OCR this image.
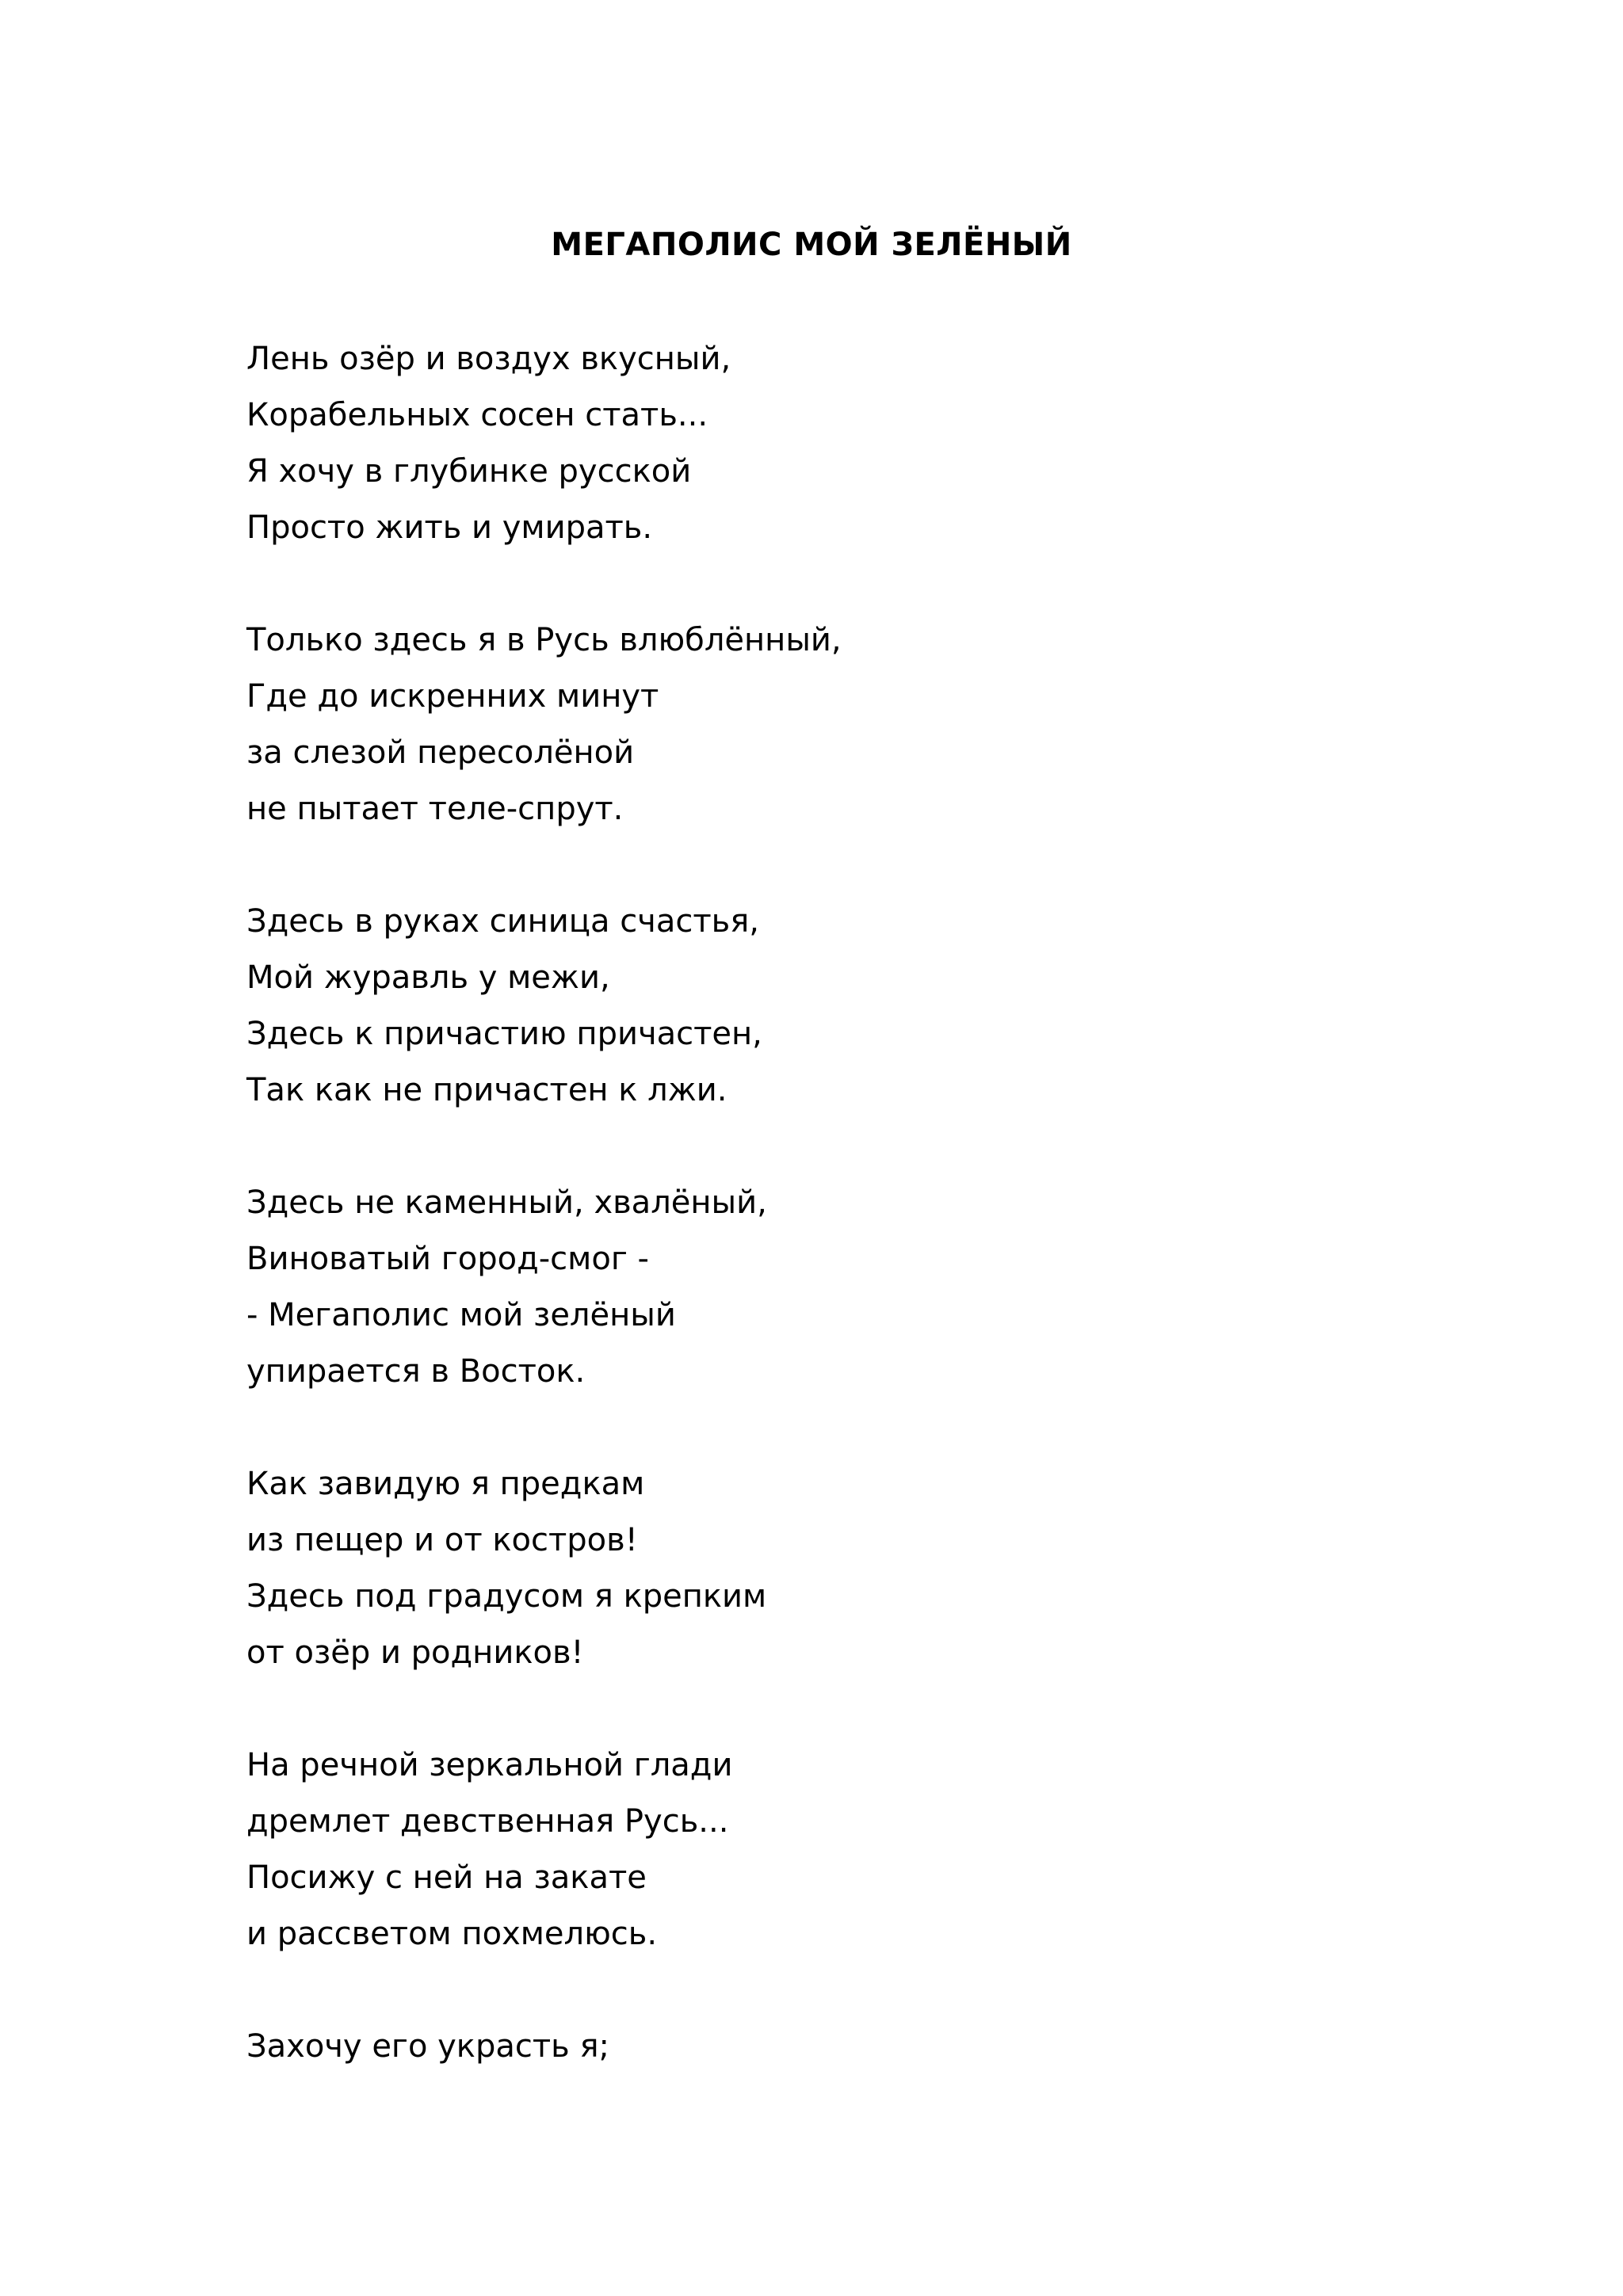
МЕГАПОЛИС МОЙ ЗЕЛЁНЫЙ
Лень озёр и воздух вкусный,
Корабельных сосен стать...
Я хочу в глубинке русской
Просто жить и умирать.
Только здесь я в Русь влюблённый,
Где до искренних минут
за слезой пересолёной
не пытает теле-спрут.
Здесь в руках синица счастья,
Мой журавль у межи,
Здесь к причастию причастен,
Так как не причастен к лжи.
Здесь не каменный, хвалёный,
Виноватый город-смог -
- Мегаполис мой зелёный
упирается в Восток.
Как завидую я предкам
из пещер и от костров!
Здесь под градусом я крепким
от озёр и родников!
На речной зеркальной глади
дремлет девственная Русь...
Посижу с ней на закате
и рассветом похмелюсь.
Захочу его украсть я;
